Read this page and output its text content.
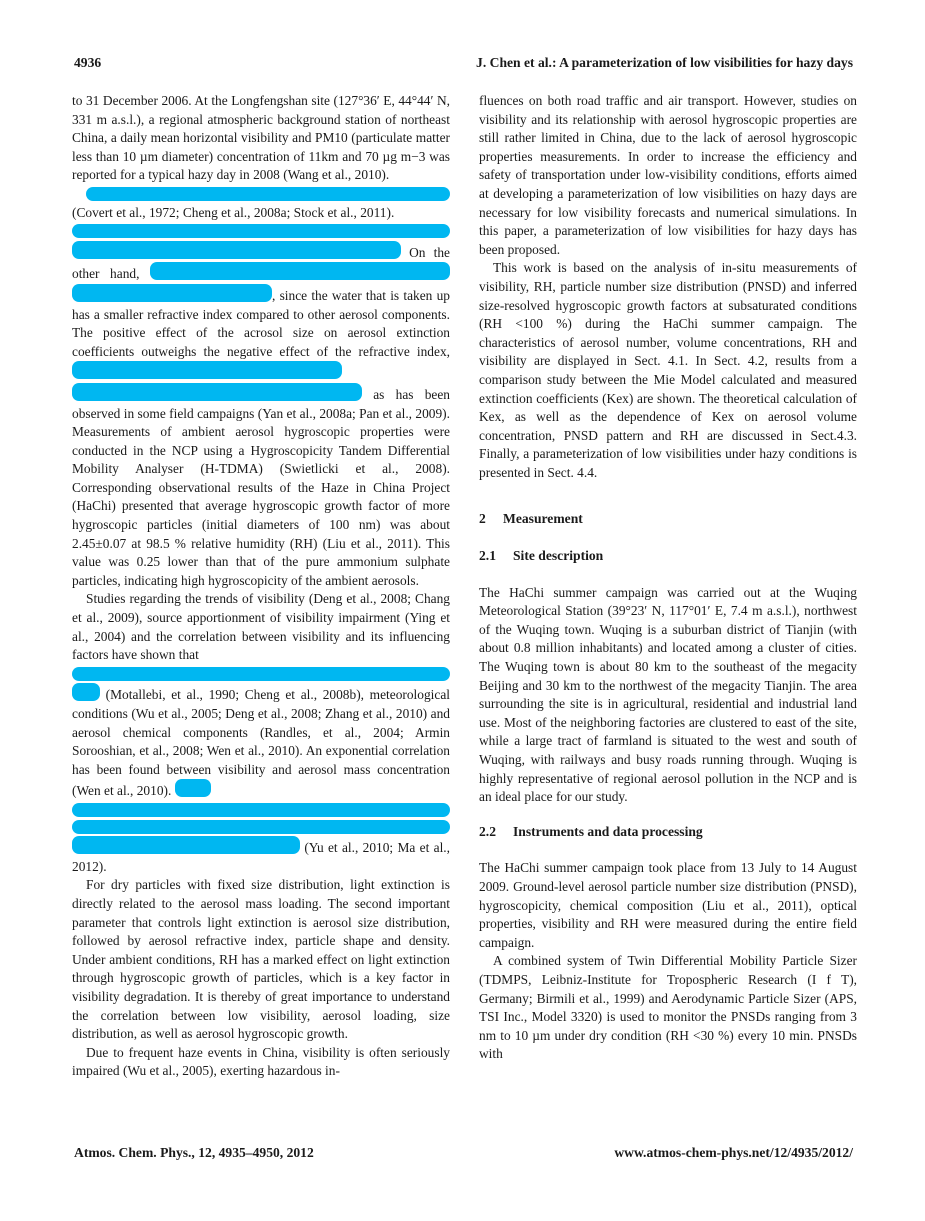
4936	J. Chen et al.: A parameterization of low visibilities for hazy days

to 31 December 2006. At the Longfengshan site (127°36′ E, 44°44′ N, 331 m a.s.l.), a regional atmospheric background station of northeast China, a daily mean horizontal visibility and PM10 (particulate matter less than 10 µm diameter) concentration of 11km and 70 µg m−3 was reported for a typical hazy day in 2008 (Wang et al., 2010).

(Covert et al., 1972; Cheng et al., 2008a; Stock et al., 2011).
On the other hand,  , since the water that is taken up has a smaller refractive index compared to other aerosol components. The positive effect of the acrosol size on aerosol extinction coefficients outweighs the negative effect of the refractive index,   as has been observed in some field campaigns (Yan et al., 2008a; Pan et al., 2009). Measurements of ambient aerosol hygroscopic properties were conducted in the NCP using a Hygroscopicity Tandem Differential Mobility Analyser (H-TDMA) (Swietlicki et al., 2008). Corresponding observational results of the Haze in China Project (HaChi) presented that average hygroscopic growth factor of more hygroscopic particles (initial diameters of 100 nm) was about 2.45±0.07 at 98.5 % relative humidity (RH) (Liu et al., 2011). This value was 0.25 lower than that of the pure ammonium sulphate particles, indicating high hygroscopicity of the ambient aerosols.

Studies regarding the trends of visibility (Deng et al., 2008; Chang et al., 2009), source apportionment of visibility impairment (Ying et al., 2004) and the correlation between visibility and its influencing factors have shown that
(Motallebi, et al., 1990; Cheng et al., 2008b), meteorological conditions (Wu et al., 2005; Deng et al., 2008; Zhang et al., 2010) and aerosol chemical components (Randles, et al., 2004; Armin Sorooshian, et al., 2008; Wen et al., 2010). An exponential correlation has been found between visibility and aerosol mass concentration (Wen et al., 2010).
(Yu et al., 2010; Ma et al., 2012).

For dry particles with fixed size distribution, light extinction is directly related to the aerosol mass loading. The second important parameter that controls light extinction is aerosol size distribution, followed by aerosol refractive index, particle shape and density. Under ambient conditions, RH has a marked effect on light extinction through hygroscopic growth of particles, which is a key factor in visibility degradation. It is thereby of great importance to understand the correlation between low visibility, aerosol loading, size distribution, as well as aerosol hygroscopic growth.

Due to frequent haze events in China, visibility is often seriously impaired (Wu et al., 2005), exerting hazardous in-

fluences on both road traffic and air transport. However, studies on visibility and its relationship with aerosol hygroscopic properties are still rather limited in China, due to the lack of aerosol hygroscopic properties measurements. In order to increase the efficiency and safety of transportation under low-visibility conditions, efforts aimed at developing a parameterization of low visibilities on hazy days are necessary for low visibility forecasts and numerical simulations. In this paper, a parameterization of low visibilities for hazy days has been proposed.

This work is based on the analysis of in-situ measurements of visibility, RH, particle number size distribution (PNSD) and inferred size-resolved hygroscopic growth factors at subsaturated conditions (RH <100 %) during the HaChi summer campaign. The characteristics of aerosol number, volume concentrations, RH and visibility are displayed in Sect. 4.1. In Sect. 4.2, results from a comparison study between the Mie Model calculated and measured extinction coefficients (Kex) are shown. The theoretical calculation of Kex, as well as the dependence of Kex on aerosol volume concentration, PNSD pattern and RH are discussed in Sect.4.3. Finally, a parameterization of low visibilities under hazy conditions is presented in Sect. 4.4.

2 Measurement
2.1 Site description

The HaChi summer campaign was carried out at the Wuqing Meteorological Station (39°23′ N, 117°01′ E, 7.4 m a.s.l.), northwest of the Wuqing town. Wuqing is a suburban district of Tianjin (with about 0.8 million inhabitants) and located among a cluster of cities. The Wuqing town is about 80 km to the southeast of the megacity Beijing and 30 km to the northwest of the megacity Tianjin. The area surrounding the site is in agricultural, residential and industrial land use. Most of the neighboring factories are clustered to east of the site, while a large tract of farmland is situated to the west and south of Wuqing, with railways and busy roads running through. Wuqing is highly representative of regional aerosol pollution in the NCP and is an ideal place for our study.

2.2 Instruments and data processing

The HaChi summer campaign took place from 13 July to 14 August 2009. Ground-level aerosol particle number size distribution (PNSD), hygroscopicity, chemical composition (Liu et al., 2011), optical properties, visibility and RH were measured during the entire field campaign.

A combined system of Twin Differential Mobility Particle Sizer (TDMPS, Leibniz-Institute for Tropospheric Research (I f T), Germany; Birmili et al., 1999) and Aerodynamic Particle Sizer (APS, TSI Inc., Model 3320) is used to monitor the PNSDs ranging from 3 nm to 10 µm under dry condition (RH <30 %) every 10 min. PNSDs with

Atmos. Chem. Phys., 12, 4935–4950, 2012	www.atmos-chem-phys.net/12/4935/2012/
